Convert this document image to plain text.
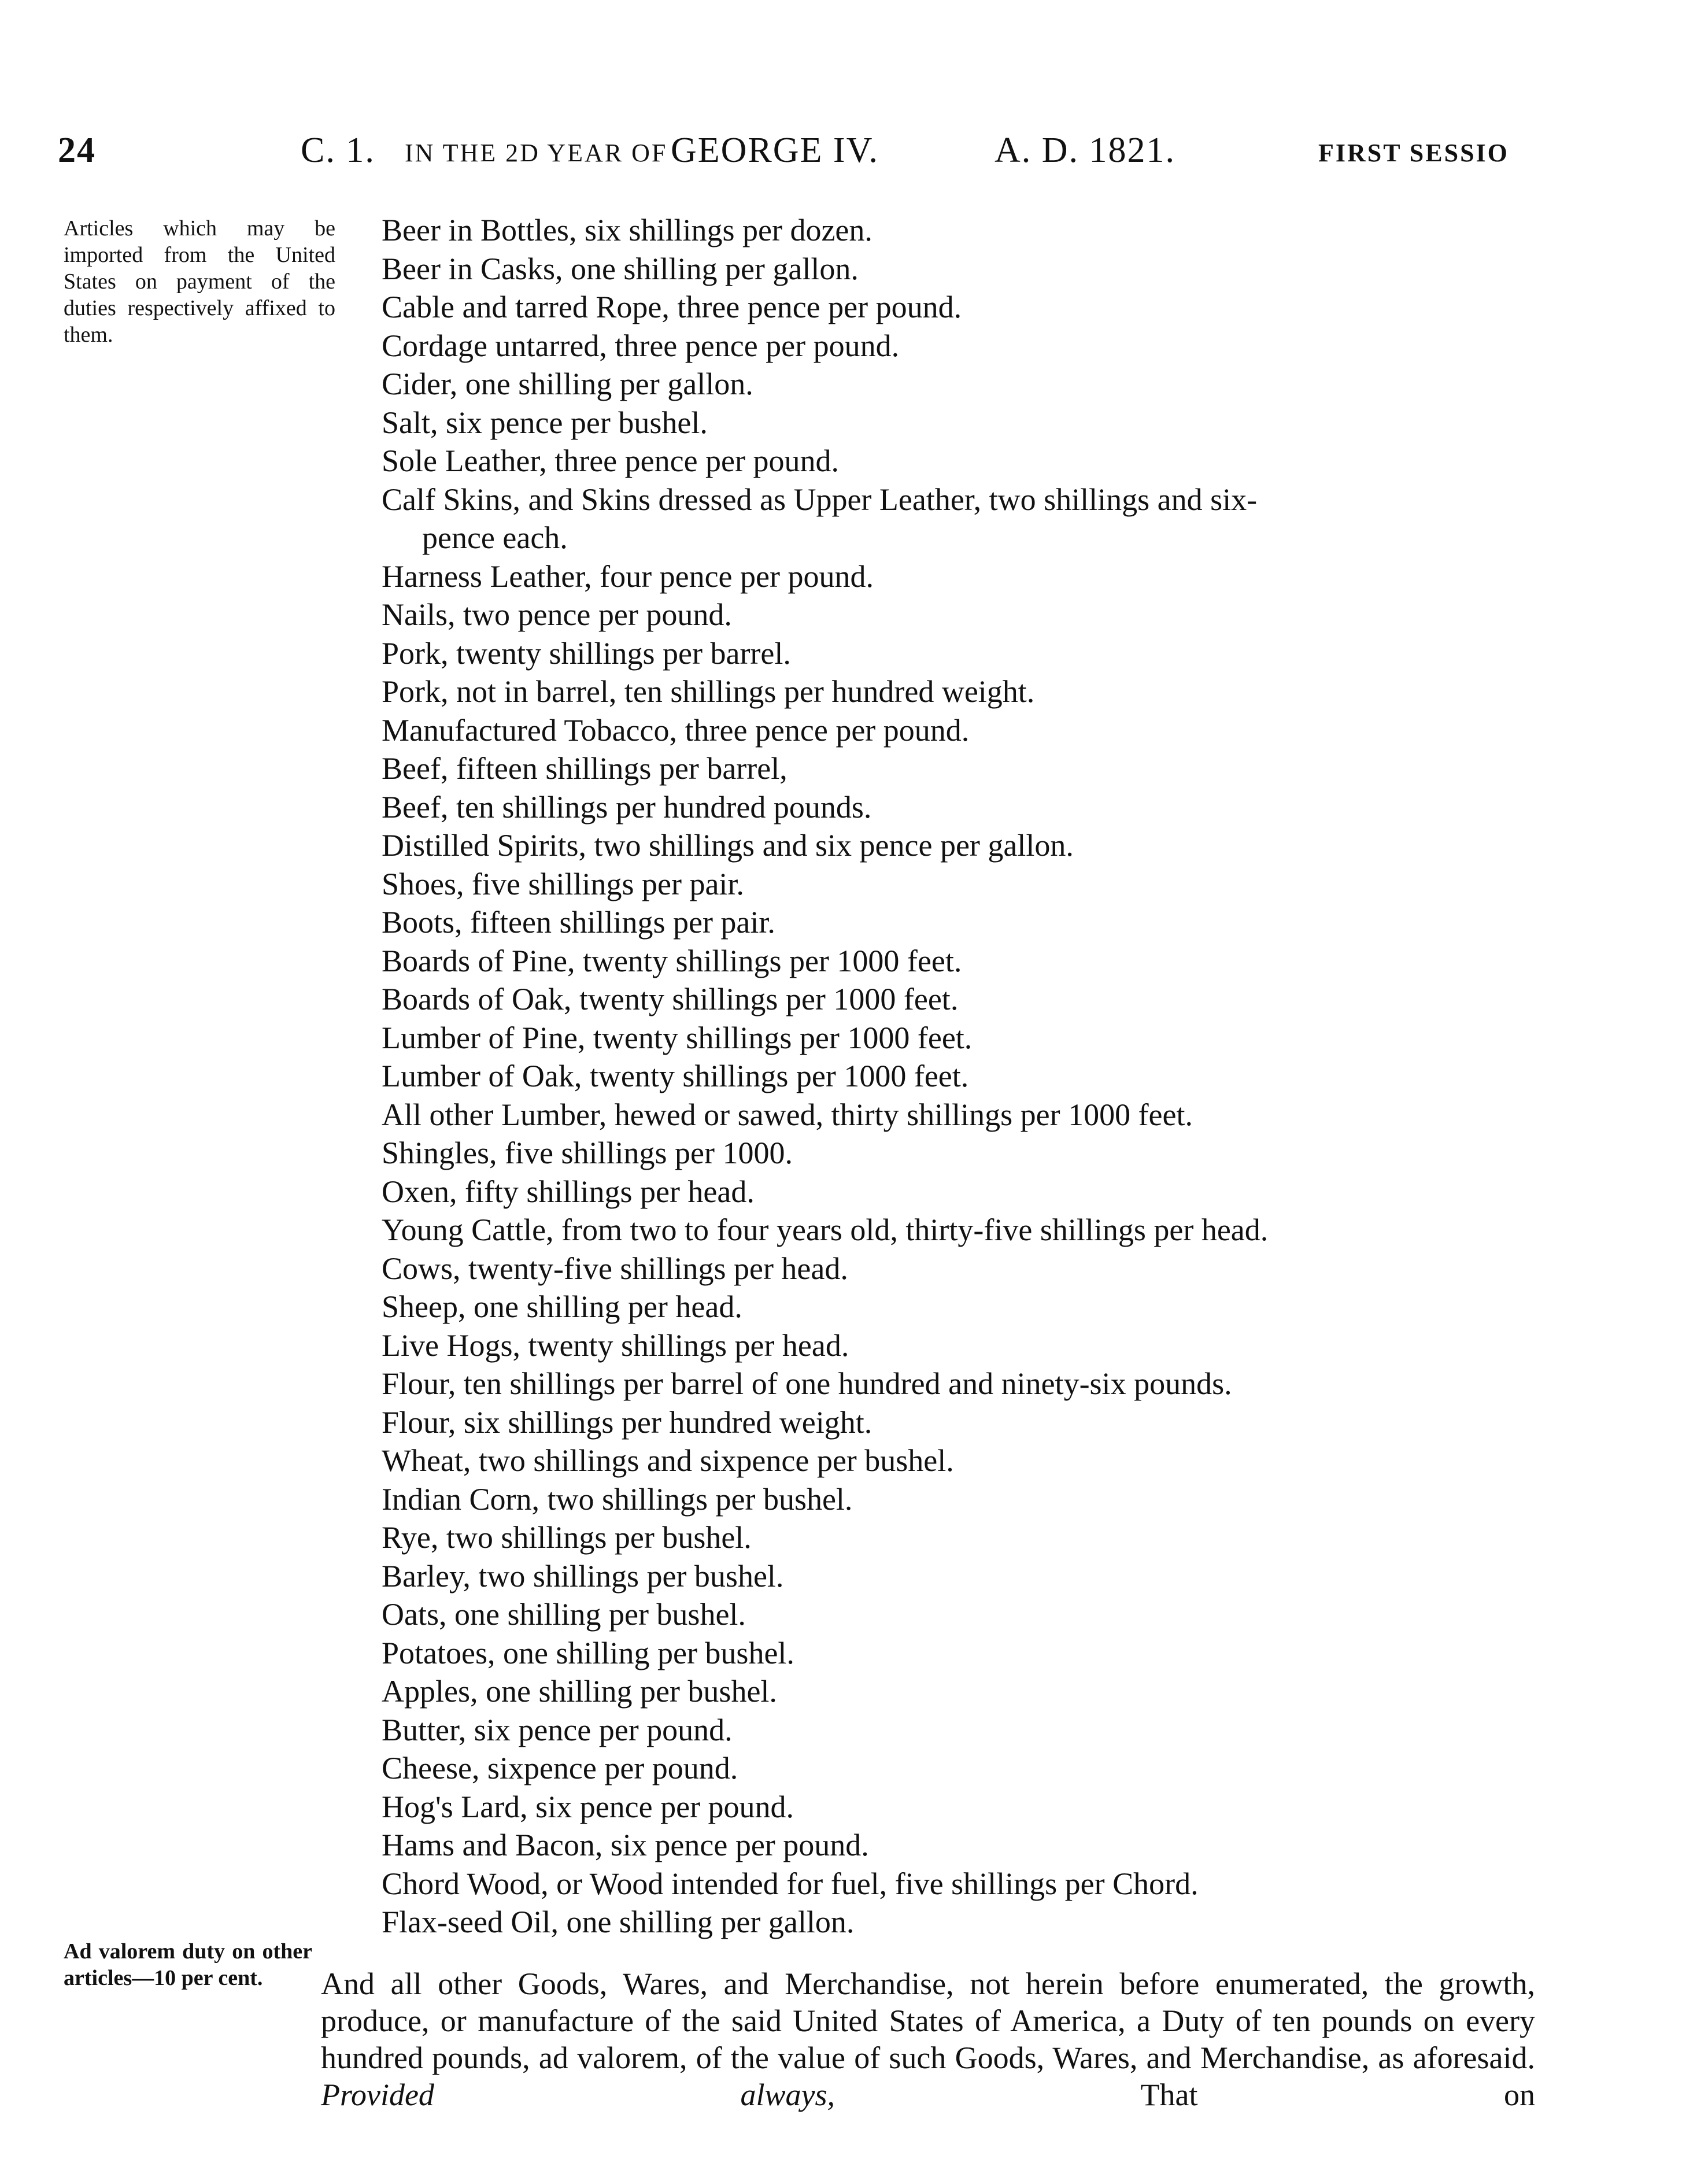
24	C. 1. IN THE 2D YEAR OF GEORGE IV.	A. D. 1821.	FIRST SESSIO
Articles which may be imported from the United States on payment of the duties respectively affixed to them.
Beer in Bottles, six shillings per dozen.
Beer in Casks, one shilling per gallon.
Cable and tarred Rope, three pence per pound.
Cordage untarred, three pence per pound.
Cider, one shilling per gallon.
Salt, six pence per bushel.
Sole Leather, three pence per pound.
Calf Skins, and Skins dressed as Upper Leather, two shillings and six-
pence each.
Harness Leather, four pence per pound.
Nails, two pence per pound.
Pork, twenty shillings per barrel.
Pork, not in barrel, ten shillings per hundred weight.
Manufactured Tobacco, three pence per pound.
Beef, fifteen shillings per barrel,
Beef, ten shillings per hundred pounds.
Distilled Spirits, two shillings and six pence per gallon.
Shoes, five shillings per pair.
Boots, fifteen shillings per pair.
Boards of Pine, twenty shillings per 1000 feet.
Boards of Oak, twenty shillings per 1000 feet.
Lumber of Pine, twenty shillings per 1000 feet.
Lumber of Oak, twenty shillings per 1000 feet.
All other Lumber, hewed or sawed, thirty shillings per 1000 feet.
Shingles, five shillings per 1000.
Oxen, fifty shillings per head.
Young Cattle, from two to four years old, thirty-five shillings per head.
Cows, twenty-five shillings per head.
Sheep, one shilling per head.
Live Hogs, twenty shillings per head.
Flour, ten shillings per barrel of one hundred and ninety-six pounds.
Flour, six shillings per hundred weight.
Wheat, two shillings and sixpence per bushel.
Indian Corn, two shillings per bushel.
Rye, two shillings per bushel.
Barley, two shillings per bushel.
Oats, one shilling per bushel.
Potatoes, one shilling per bushel.
Apples, one shilling per bushel.
Butter, six pence per pound.
Cheese, sixpence per pound.
Hog's Lard, six pence per pound.
Hams and Bacon, six pence per pound.
Chord Wood, or Wood intended for fuel, five shillings per Chord.
Flax-seed Oil, one shilling per gallon.
Ad valorem duty on other articles—10 per cent.	And all other Goods, Wares, and Merchandise, not herein before enumerated, the growth, produce, or manufacture of the said United States of America, a Duty of ten pounds on every hundred pounds, ad valorem, of the value of such Goods, Wares, and Merchandise, as aforesaid. Provided always,	That on
